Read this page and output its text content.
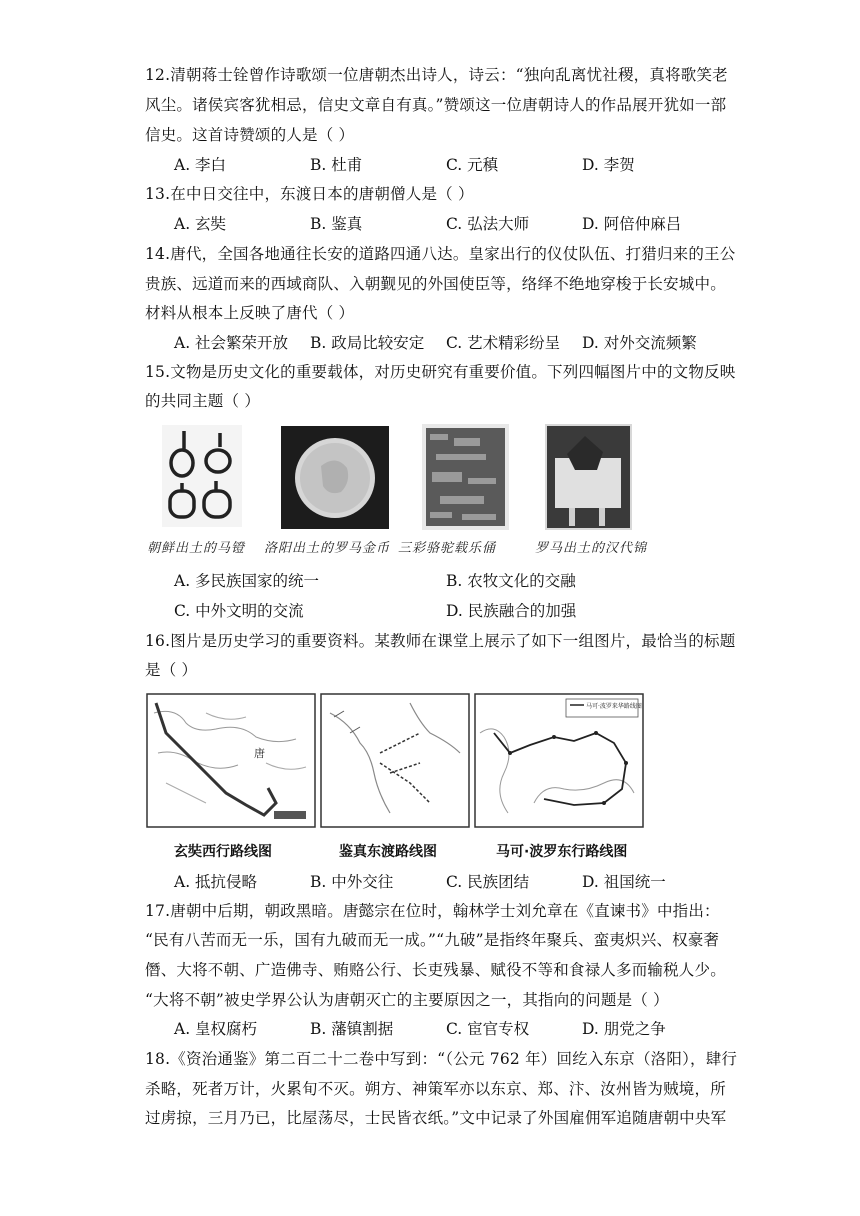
12.清朝蒋士铨曾作诗歌颂一位唐朝杰出诗人，诗云：“独向乱离忧社稷，真将歌笑老
风尘。诸侯宾客犹相忌，信史文章自有真。”赞颂这一位唐朝诗人的作品展开犹如一部
信史。这首诗赞颂的人是（ ）
A. 李白	B. 杜甫	C. 元稹	D. 李贺
13.在中日交往中，东渡日本的唐朝僧人是（ ）
A. 玄奘	B. 鉴真	C. 弘法大师	D. 阿倍仲麻吕
14.唐代，全国各地通往长安的道路四通八达。皇家出行的仪仗队伍、打猎归来的王公
贵族、远道而来的西域商队、入朝觐见的外国使臣等，络绎不绝地穿梭于长安城中。
材料从根本上反映了唐代（ ）
A. 社会繁荣开放 B. 政局比较安定 C. 艺术精彩纷呈 D. 对外交流频繁
15.文物是历史文化的重要载体，对历史研究有重要价值。下列四幅图片中的文物反映
的共同主题（ ）
朝鲜出土的马镫 洛阳出土的罗马金币 三彩骆驼载乐俑	罗马出土的汉代锦
A. 多民族国家的统一	B. 农牧文化的交融
C. 中外文明的交流	D. 民族融合的加强
16.图片是历史学习的重要资料。某教师在课堂上展示了如下一组图片，最恰当的标题
是（ ）
唐
马可·波罗来华路线图
玄奘西行路线图	鉴真东渡路线图	马可·波罗东行路线图
A. 抵抗侵略	B. 中外交往	C. 民族团结	D. 祖国统一
17.唐朝中后期，朝政黑暗。唐懿宗在位时，翰林学士刘允章在《直谏书》中指出：
“民有八苦而无一乐，国有九破而无一成。”“九破”是指终年聚兵、蛮夷炽兴、权豪奢
僭、大将不朝、广造佛寺、贿赂公行、长吏残暴、赋役不等和食禄人多而输税人少。
“大将不朝”被史学界公认为唐朝灭亡的主要原因之一，其指向的问题是（ ）
A. 皇权腐朽	B. 藩镇割据	C. 宦官专权	D. 朋党之争
18.《资治通鉴》第二百二十二卷中写到：“（公元 762 年）回纥入东京（洛阳），肆行
杀略，死者万计，火累旬不灭。朔方、神策军亦以东京、郑、汴、汝州皆为贼境，所
过虏掠，三月乃已，比屋荡尽，士民皆衣纸。”文中记录了外国雇佣军追随唐朝中央军
